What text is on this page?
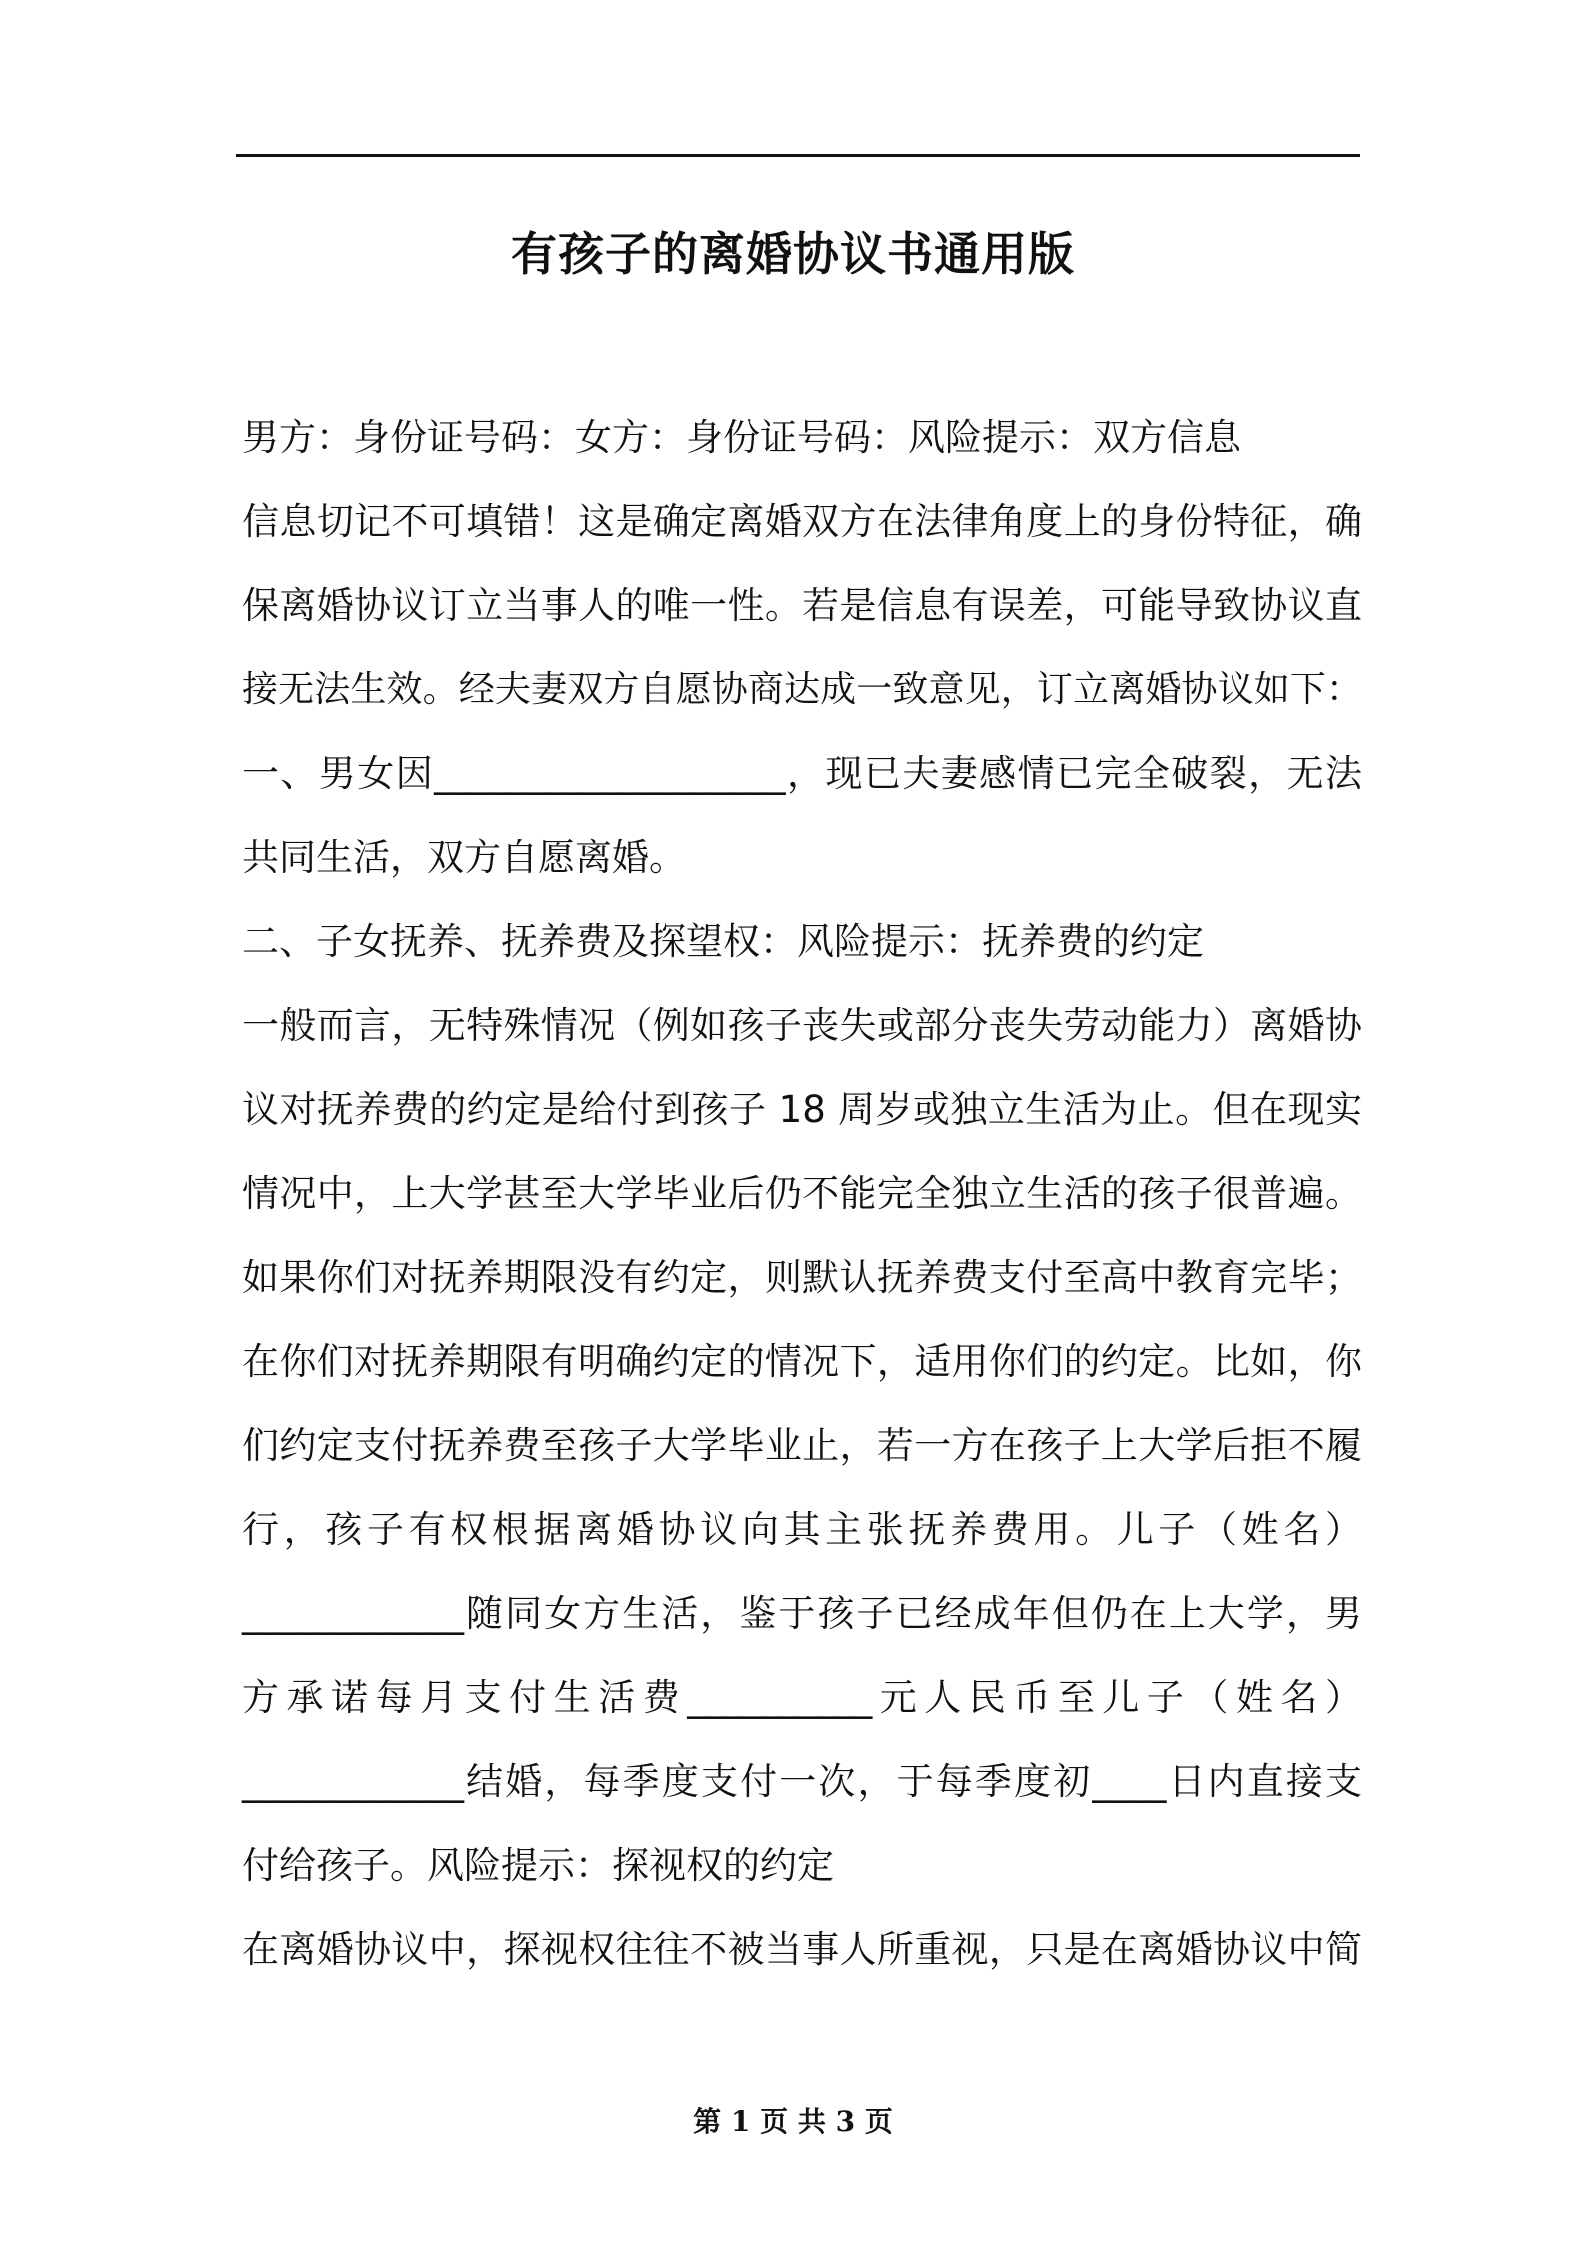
有孩子的离婚协议书通用版
男方：身份证号码：女方：身份证号码：风险提示：双方信息
信息切记不可填错！这是确定离婚双方在法律角度上的身份特征，确
保离婚协议订立当事人的唯一性。若是信息有误差，可能导致协议直
接无法生效。经夫妻双方自愿协商达成一致意见，订立离婚协议如下：
一、男女因___________________，现已夫妻感情已完全破裂，无法
共同生活，双方自愿离婚。
二、子女抚养、抚养费及探望权：风险提示：抚养费的约定
一般而言，无特殊情况（例如孩子丧失或部分丧失劳动能力）离婚协
议对抚养费的约定是给付到孩子 18 周岁或独立生活为止。但在现实
情况中，上大学甚至大学毕业后仍不能完全独立生活的孩子很普遍。
如果你们对抚养期限没有约定，则默认抚养费支付至高中教育完毕；
在你们对抚养期限有明确约定的情况下，适用你们的约定。比如，你
们约定支付抚养费至孩子大学毕业止，若一方在孩子上大学后拒不履
行，孩子有权根据离婚协议向其主张抚养费用。儿子（姓名）
____________随同女方生活，鉴于孩子已经成年但仍在上大学，男
方承诺每月支付生活费__________元人民币至儿子（姓名）
____________结婚，每季度支付一次，于每季度初____日内直接支
付给孩子。风险提示：探视权的约定
在离婚协议中，探视权往往不被当事人所重视，只是在离婚协议中简
第 1 页 共 3 页
